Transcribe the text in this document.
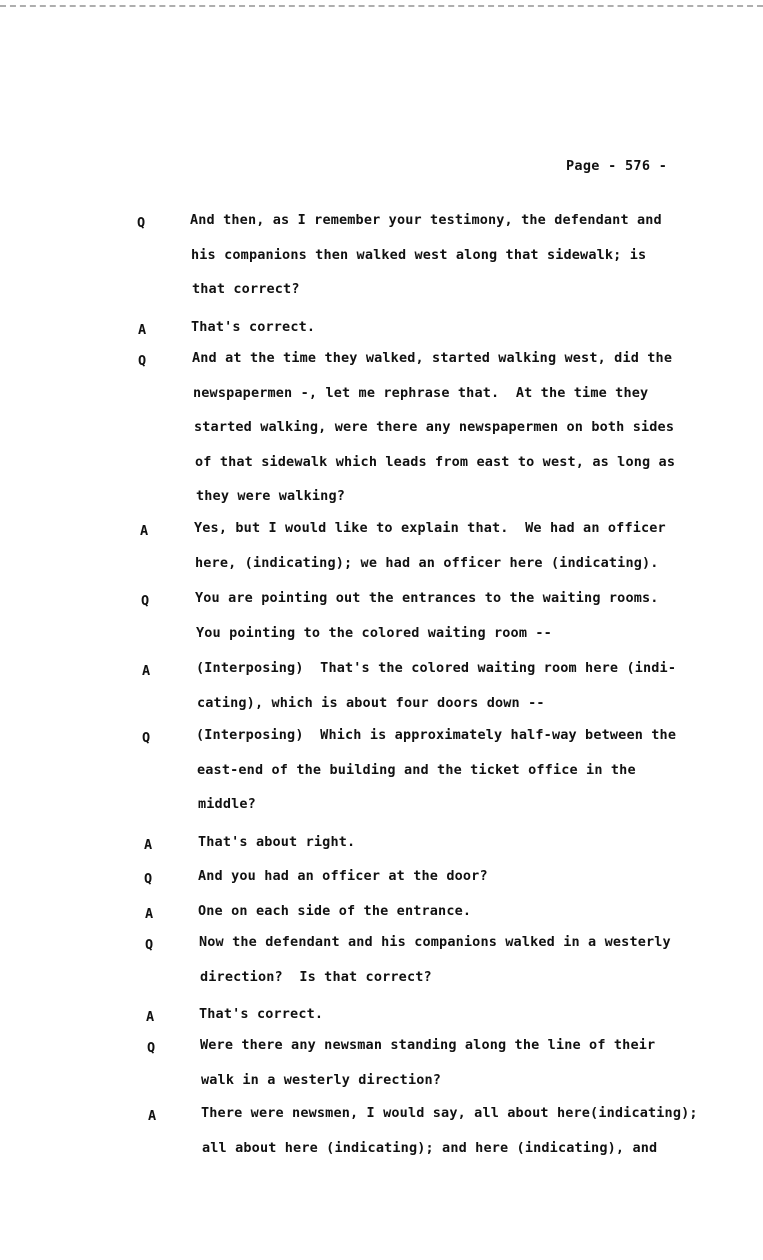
Page - 576 -
Q	And then, as I remember your testimony, the defendant and
his companions then walked west along that sidewalk; is
that correct?
A	That's correct.
Q	And at the time they walked, started walking west, did the
newspapermen -, let me rephrase that.  At the time they
started walking, were there any newspapermen on both sides
of that sidewalk which leads from east to west, as long as
they were walking?
A	Yes, but I would like to explain that.  We had an officer
here, (indicating); we had an officer here (indicating).
Q	You are pointing out the entrances to the waiting rooms.
You pointing to the colored waiting room --
A	(Interposing)  That's the colored waiting room here (indi-
cating), which is about four doors down --
Q	(Interposing)  Which is approximately half-way between the
east-end of the building and the ticket office in the
middle?
A	That's about right.
Q	And you had an officer at the door?
A	One on each side of the entrance.
Q	Now the defendant and his companions walked in a westerly
direction?  Is that correct?
A	That's correct.
Q	Were there any newsman standing along the line of their
walk in a westerly direction?
A	There were newsmen, I would say, all about here(indicating);
all about here (indicating); and here (indicating), and
